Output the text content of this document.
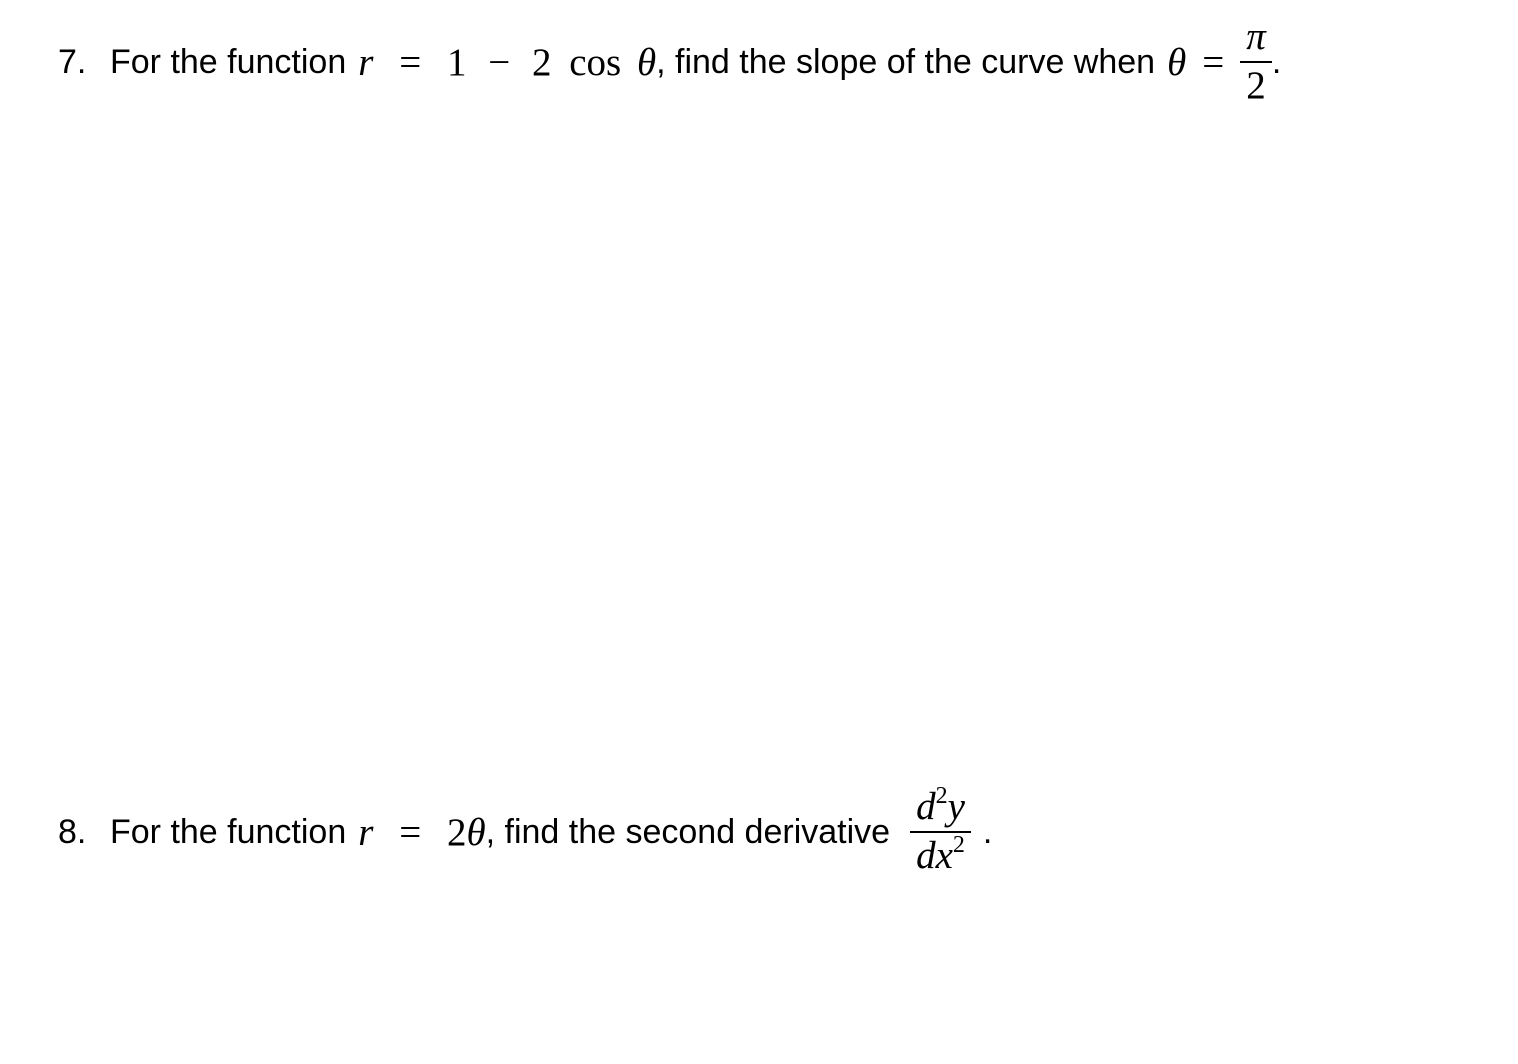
7. For the function r = 1 − 2 cos θ , find the slope of the curve when $\theta = \frac{\pi}{2}$ .
8. For the function r = 2θ , find the second derivative $\frac{d^2y}{dx^2}$ .
